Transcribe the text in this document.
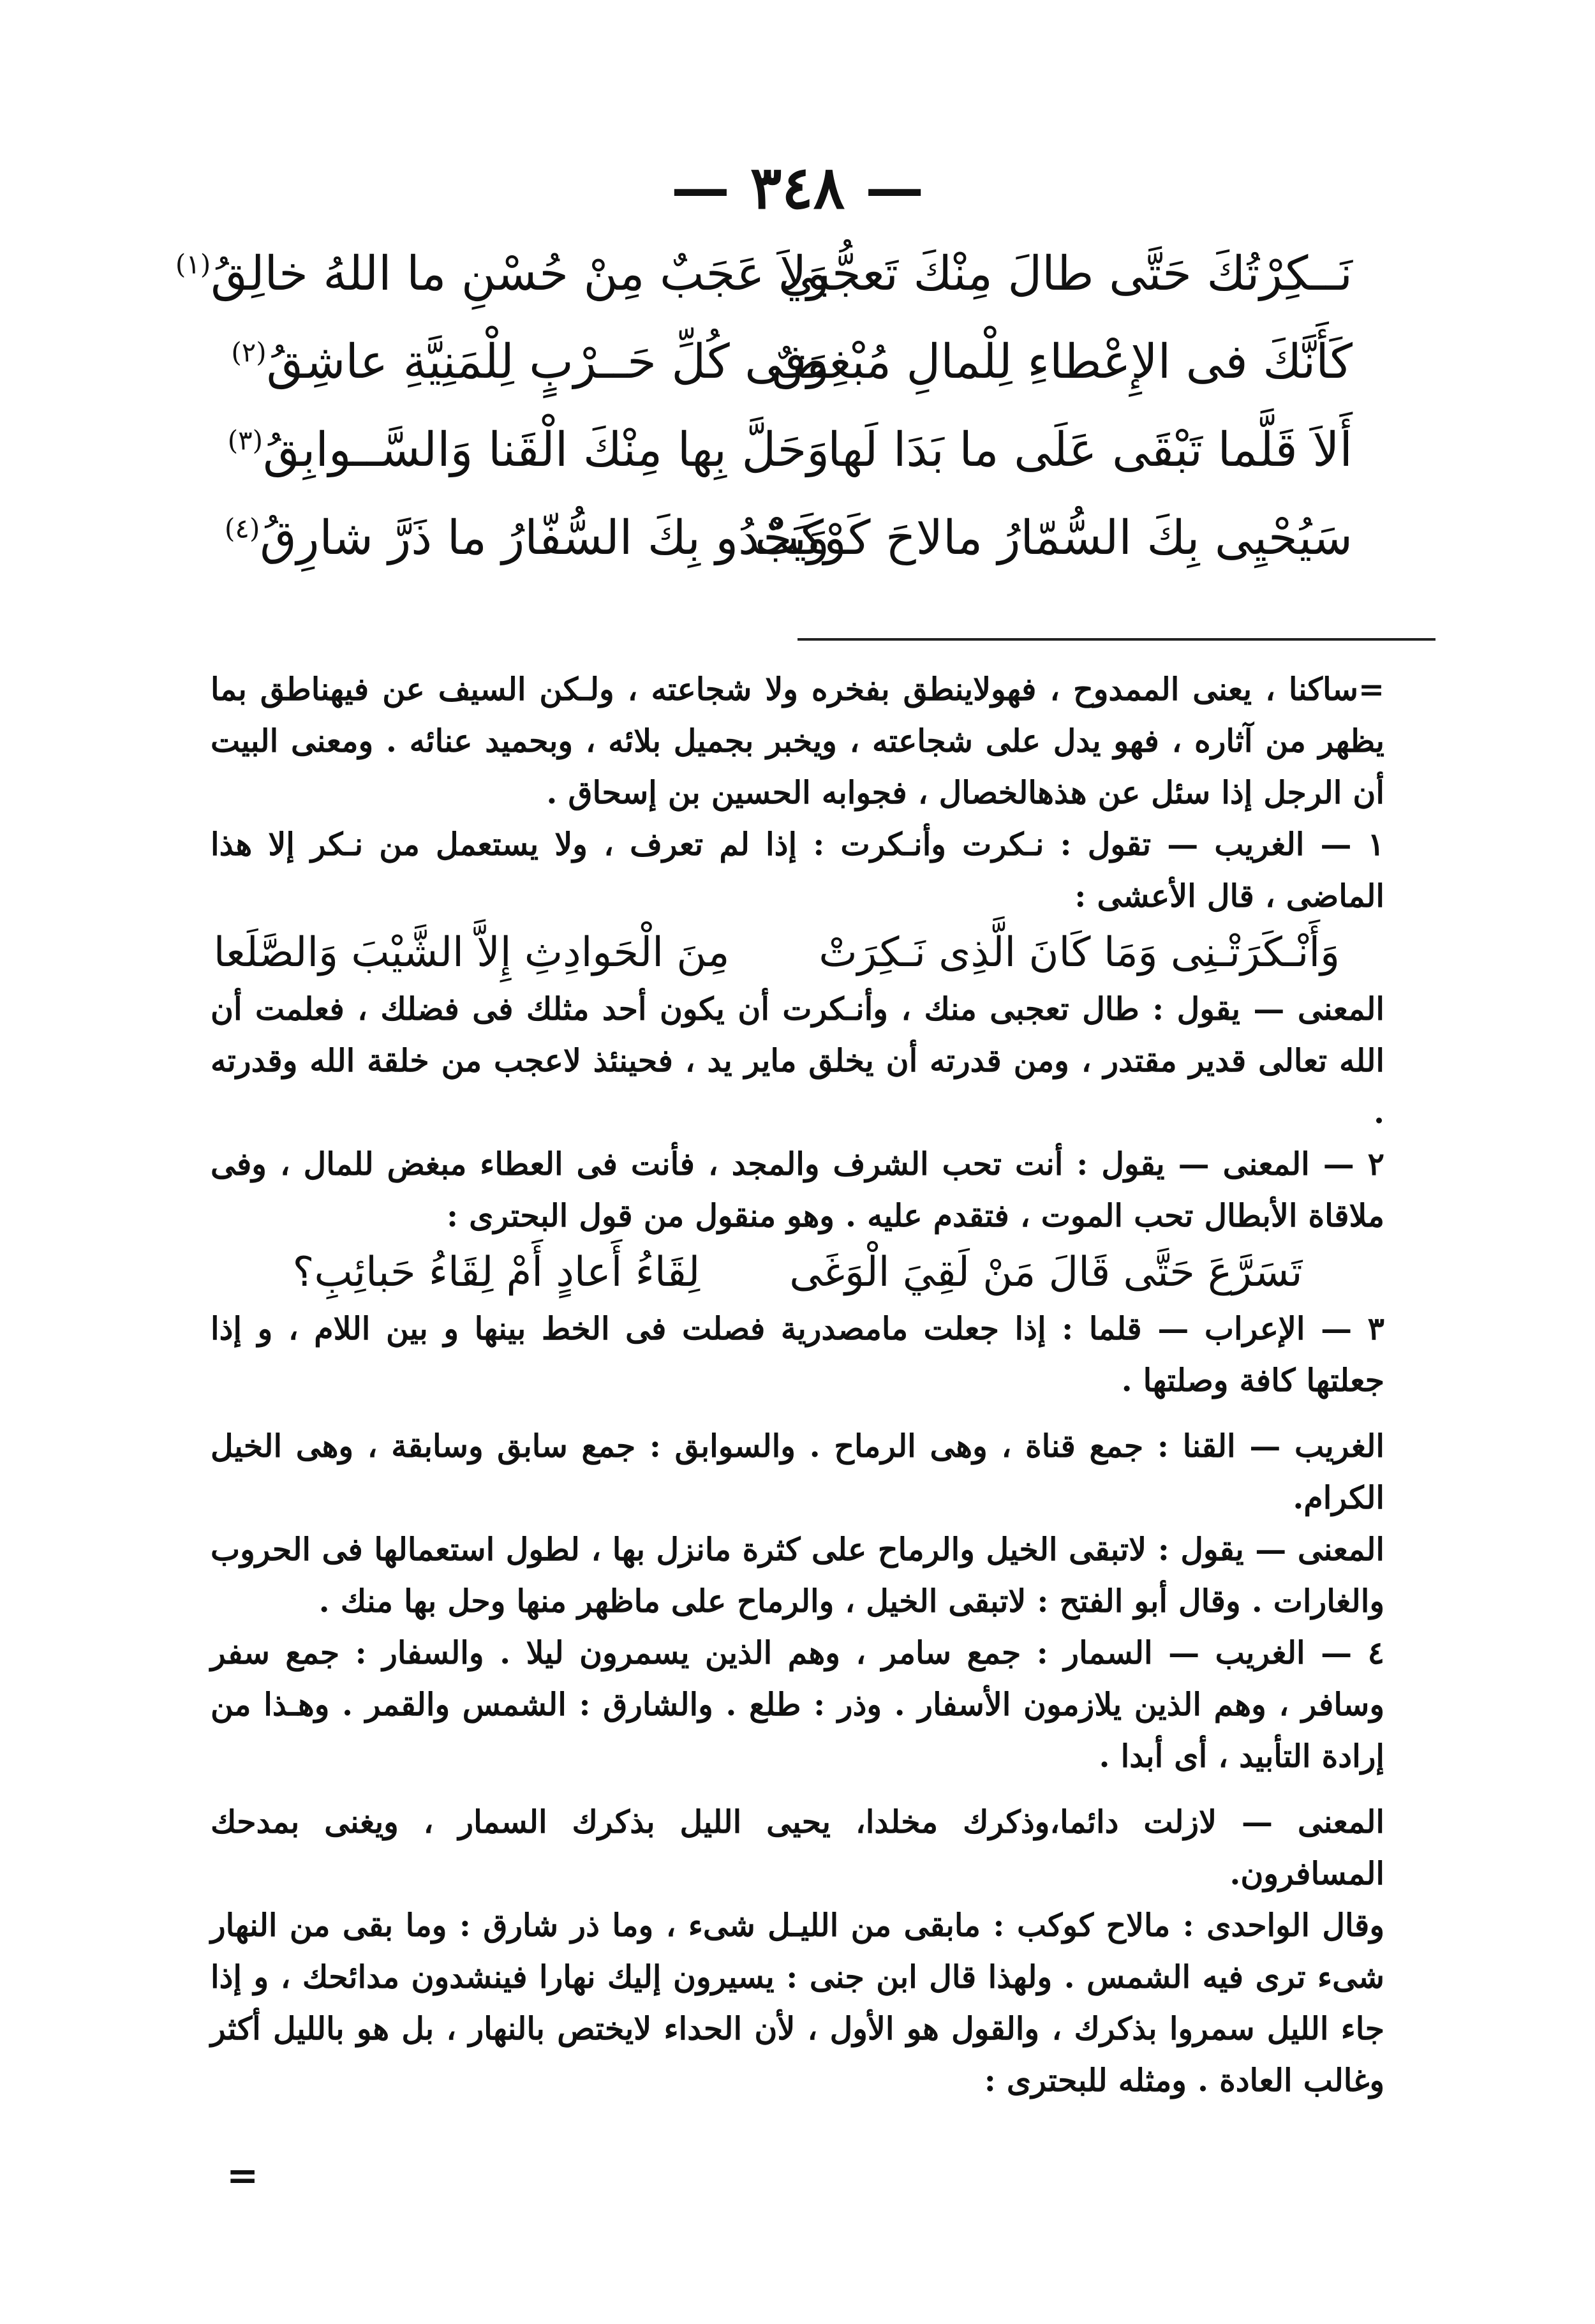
— ٣٤٨ —
نَــكِرْتُكَ حَتَّى طالَ مِنْكَ تَعجُّبي
وَلاَ عَجَبٌ مِنْ حُسْنِ ما اللهُ خالِقُ$^{(١)}$
كَأَنَّكَ فى الإِعْطاءِ لِلْمالِ مُبْغِضٌ
وَفى كُلِّ حَــرْبٍ لِلْمَنِيَّةِ عاشِقُ$^{(٢)}$
أَلاَ قَلَّما تَبْقَى عَلَى ما بَدَا لَها
وَحَلَّ بِها مِنْكَ الْقَنا وَالسَّــوابِقُ$^{(٣)}$
سَيُحْيِى بِكَ السُّمّارُ مالاحَ كَوْكَبٌ
وَيَحْدُو بِكَ السُّفّارُ ما ذَرَّ شارِقُ$^{(٤)}$

=ساكنا ، يعنى الممدوح ، فهولاينطق بفخره ولا شجاعته ، ولـكن السيف عن فيهناطق بما يظهر من آثاره ، فهو يدل على شجاعته ، ويخبر بجميل بلائه ، وبحميد عنائه . ومعنى البيت أن الرجل إذا سئل عن هذهالخصال ، فجوابه الحسين بن إسحاق .

١ — الغريب — تقول : نـكرت وأنـكرت : إذا لم تعرف ، ولا يستعمل من نـكر إلا هذا الماضى ، قال الأعشى :

وَأَنْـكَرَتْـنِى وَمَا كَانَ الَّذِى نَـكِرَتْمِنَ الْحَوادِثِ إِلاَّ الشَّيْبَ وَالصَّلَعا

المعنى — يقول : طال تعجبى منك ، وأنـكرت أن يكون أحد مثلك فى فضلك ، فعلمت أن الله تعالى قدير مقتدر ، ومن قدرته أن يخلق ماير يد ، فحينئذ لاعجب من خلقة الله وقدرته .

٢ — المعنى — يقول : أنت تحب الشرف والمجد ، فأنت فى العطاء مبغض للمال ، وفى ملاقاة الأبطال تحب الموت ، فتقدم عليه . وهو منقول من قول البحترى :

تَسَرَّعَ حَتَّى قَالَ مَنْ لَقِيَ الْوَغَىلِقَاءُ أَعادٍ أَمْ لِقَاءُ حَبائِبِ؟

٣ — الإعراب — قلما : إذا جعلت مامصدرية فصلت فى الخط بينها و بين اللام ، و إذا جعلتها كافة وصلتها .

الغريب — القنا : جمع قناة ، وهى الرماح . والسوابق : جمع سابق وسابقة ، وهى الخيل الكرام.

المعنى — يقول : لاتبقى الخيل والرماح على كثرة مانزل بها ، لطول استعمالها فى الحروب والغارات . وقال أبو الفتح : لاتبقى الخيل ، والرماح على ماظهر منها وحل بها منك .

٤ — الغريب — السمار : جمع سامر ، وهم الذين يسمرون ليلا . والسفار : جمع سفر وسافر ، وهم الذين يلازمون الأسفار . وذر : طلع . والشارق : الشمس والقمر . وهـذا من إرادة التأبيد ، أى أبدا .

المعنى — لازلت دائما،وذكرك مخلدا، يحيى الليل بذكرك السمار ، ويغنى بمدحك المسافرون.

وقال الواحدى : مالاح كوكب : مابقى من الليـل شىء ، وما ذر شارق : وما بقى من النهار شىء ترى فيه الشمس . ولهذا قال ابن جنى : يسيرون إليك نهارا فينشدون مدائحك ، و إذا جاء الليل سمروا بذكرك ، والقول هو الأول ، لأن الحداء لايختص بالنهار ، بل هو بالليل أكثر وغالب العادة . ومثله للبحترى :

=
